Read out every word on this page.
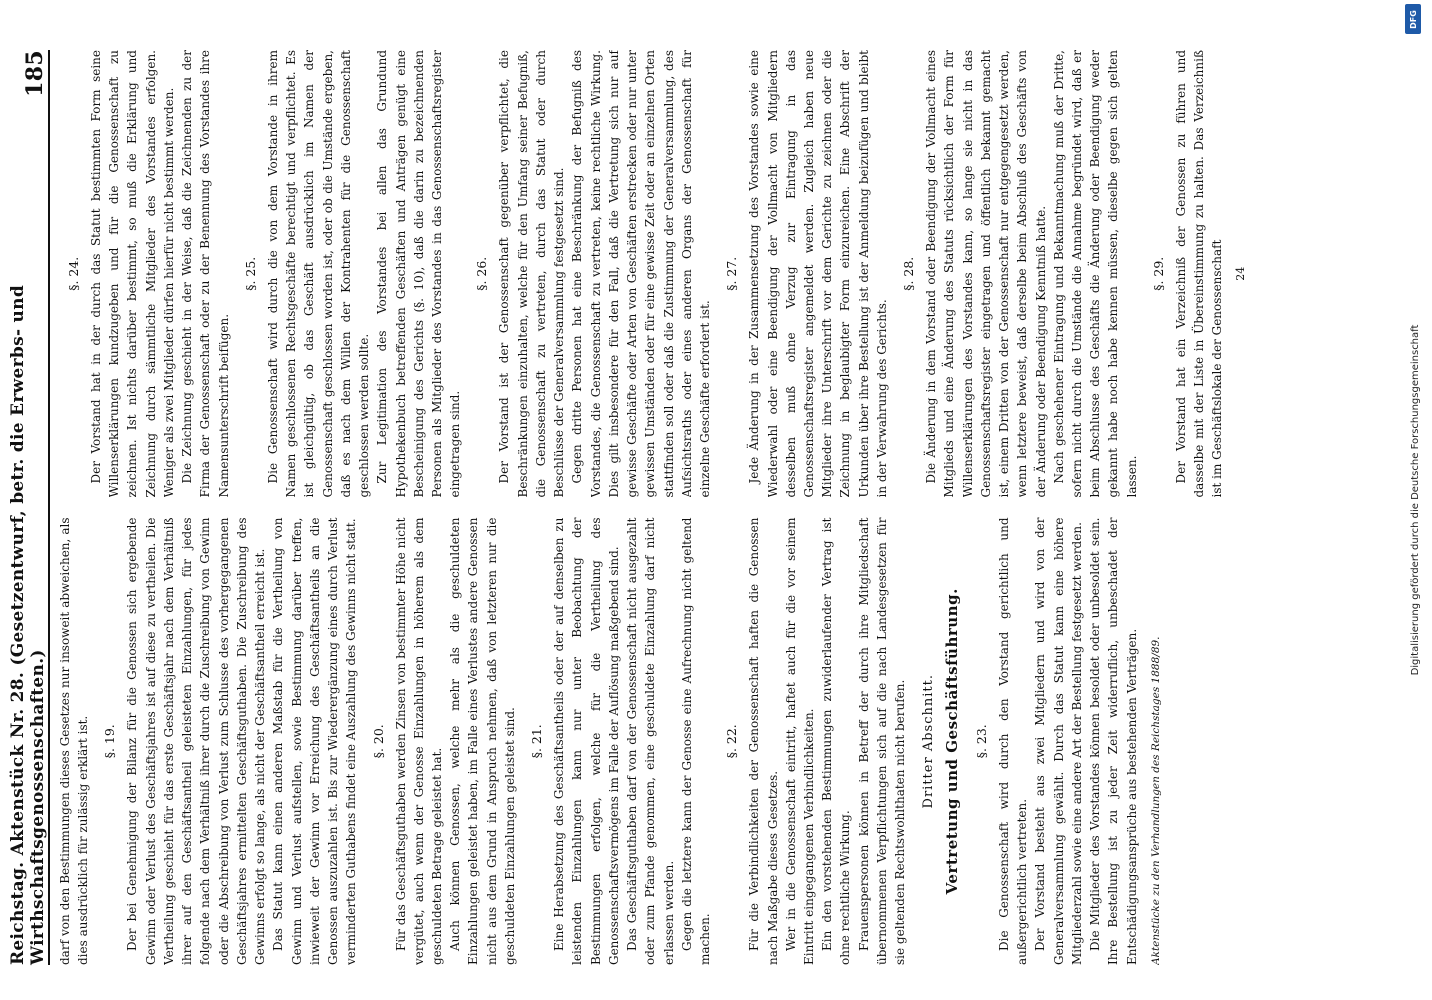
Reichstag. Aktenstück Nr. 28. (Gesetzentwurf, betr. die Erwerbs- und Wirthschaftsgenossenschaften.)
185

darf von den Bestimmungen dieses Gesetzes nur insoweit abweichen, als dies ausdrücklich für zulässig erklärt ist. §. 19. Der bei Genehmigung der Bilanz für die Genossen sich ergebende Gewinn oder Verlust des Geschäftsjahres ist auf diese zu vertheilen. Die Vertheilung geschieht für das erste Geschäftsjahr nach dem Verhältniß ihrer auf den Geschäftsantheil geleisteten Einzahlungen, für jedes folgende nach dem Verhältniß ihrer durch die Zuschreibung von Gewinn oder die Abschreibung von Verlust zum Schlusse des vorhergegangenen Geschäftsjahres ermittelten Geschäftsguthaben. Die Zuschreibung des Gewinns erfolgt so lange, als nicht der Geschäftsantheil erreicht ist. Das Statut kann einen anderen Maßstab für die Vertheilung von Gewinn und Verlust aufstellen, sowie Bestimmung darüber treffen, inwieweit der Gewinn vor Erreichung des Geschäftsantheils an die Genossen auszuzahlen ist. Bis zur Wiederergänzung eines durch Verlust verminderten Guthabens findet eine Auszahlung des Gewinns nicht statt. §. 20. Für das Geschäftsguthaben werden Zinsen von bestimmter Höhe nicht vergütet, auch wenn der Genosse Einzahlungen in höherem als dem geschuldeten Betrage geleistet hat. Auch können Genossen, welche mehr als die geschuldeten Einzahlungen geleistet haben, im Falle eines Verlustes andere Genossen nicht aus dem Grund in Anspruch nehmen, daß von letzteren nur die geschuldeten Einzahlungen geleistet sind. §. 21. Eine Herabsetzung des Geschäftsantheils oder der auf denselben zu leistenden Einzahlungen kann nur unter Beobachtung der Bestimmungen erfolgen, welche für die Vertheilung des Genossenschaftsvermögens im Falle der Auflösung maßgebend sind. Das Geschäftsguthaben darf von der Genossenschaft nicht ausgezahlt oder zum Pfande genommen, eine geschuldete Einzahlung darf nicht erlassen werden. Gegen die letztere kann der Genosse eine Aufrechnung nicht geltend machen.

§. 22. Für die Verbindlichkeiten der Genossenschaft haften die Genossen nach Maßgabe dieses Gesetzes. Wer in die Genossenschaft eintritt, haftet auch für die vor seinem Eintritt eingegangenen Verbindlichkeiten. Ein den vorstehenden Bestimmungen zuwiderlaufender Vertrag ist ohne rechtliche Wirkung. Frauenspersonen können in Betreff der durch ihre Mitgliedschaft übernommenen Verpflichtungen sich auf die nach Landesgesetzen für sie geltenden Rechtswohlthaten nicht berufen. Dritter Abschnitt. Vertretung und Geschäftsführung. §. 23. Die Genossenschaft wird durch den Vorstand gerichtlich und außergerichtlich vertreten. Der Vorstand besteht aus zwei Mitgliedern und wird von der Generalversammlung gewählt. Durch das Statut kann eine höhere Mitgliederzahl sowie eine andere Art der Bestellung festgesetzt werden. Die Mitglieder des Vorstandes können besoldet oder unbesoldet sein. Ihre Bestellung ist zu jeder Zeit widerruflich, unbeschadet der Entschädigungsansprüche aus bestehenden Verträgen. Aktenstücke zu den Verhandlungen des Reichstages 1888/89.
§. 24. Der Vorstand hat in der durch das Statut bestimmten Form seine Willenserklärungen kundzugeben und für die Genossenschaft zu zeichnen. Ist nichts darüber bestimmt, so muß die Erklärung und Zeichnung durch sämmtliche Mitglieder des Vorstandes erfolgen. Weniger als zwei Mitglieder dürfen hierfür nicht bestimmt werden. Die Zeichnung geschieht in der Weise, daß die Zeichnenden zu der Firma der Genossenschaft oder zu der Benennung des Vorstandes ihre Namensunterschrift beifügen.

§. 25. Die Genossenschaft wird durch die von dem Vorstande in ihrem Namen geschlossenen Rechtsgeschäfte berechtigt und verpflichtet. Es ist gleichgültig, ob das Geschäft ausdrücklich im Namen der Genossenschaft geschlossen worden ist, oder ob die Umstände ergeben, daß es nach dem Willen der Kontrahenten für die Genossenschaft geschlossen werden sollte. Zur Legitimation des Vorstandes bei allen das Grundund Hypothekenbuch betreffenden Geschäften und Anträgen genügt eine Bescheinigung des Gerichts (§. 10), daß die darin zu bezeichnenden Personen als Mitglieder des Vorstandes in das Genossenschaftsregister eingetragen sind.

§. 26. Der Vorstand ist der Genossenschaft gegenüber verpflichtet, die Beschränkungen einzuhalten, welche für den Umfang seiner Befugniß, die Genossenschaft zu vertreten, durch das Statut oder durch Beschlüsse der Generalversammlung festgesetzt sind. Gegen dritte Personen hat eine Beschränkung der Befugniß des Vorstandes, die Genossenschaft zu vertreten, keine rechtliche Wirkung. Dies gilt insbesondere für den Fall, daß die Vertretung sich nur auf gewisse Geschäfte oder Arten von Geschäften erstrecken oder nur unter gewissen Umständen oder für eine gewisse Zeit oder an einzelnen Orten stattfinden soll oder daß die Zustimmung der Generalversammlung, des Aufsichtsraths oder eines anderen Organs der Genossenschaft für einzelne Geschäfte erfordert ist.

§. 27. Jede Änderung in der Zusammensetzung des Vorstandes sowie eine Wiederwahl oder eine Beendigung der Vollmacht von Mitgliedern desselben muß ohne Verzug zur Eintragung in das Genossenschaftsregister angemeldet werden. Zugleich haben neue Mitglieder ihre Unterschrift vor dem Gerichte zu zeichnen oder die Zeichnung in beglaubigter Form einzureichen. Eine Abschrift der Urkunden über ihre Bestellung ist der Anmeldung beizufügen und bleibt in der Verwahrung des Gerichts.

§. 28. Die Änderung in dem Vorstand oder Beendigung der Vollmacht eines Mitglieds und eine Änderung des Statuts rücksichtlich der Form für Willenserklärungen des Vorstandes kann, so lange sie nicht in das Genossenschaftsregister eingetragen und öffentlich bekannt gemacht ist, einem Dritten von der Genossenschaft nur entgegengesetzt werden, wenn letztere beweist, daß derselbe beim Abschluß des Geschäfts von der Änderung oder Beendigung Kenntniß hatte. Nach geschehener Eintragung und Bekanntmachung muß der Dritte, sofern nicht durch die Umstände die Annahme begründet wird, daß er beim Abschlusse des Geschäfts die Änderung oder Beendigung weder gekannt habe noch habe kennen müssen, dieselbe gegen sich gelten lassen.

§. 29. Der Vorstand hat ein Verzeichniß der Genossen zu führen und dasselbe mit der Liste in Übereinstimmung zu halten. Das Verzeichniß ist im Geschäftslokale der Genossenschaft 24
DFG
Digitalisierung gefördert durch die Deutsche Forschungsgemeinschaft
